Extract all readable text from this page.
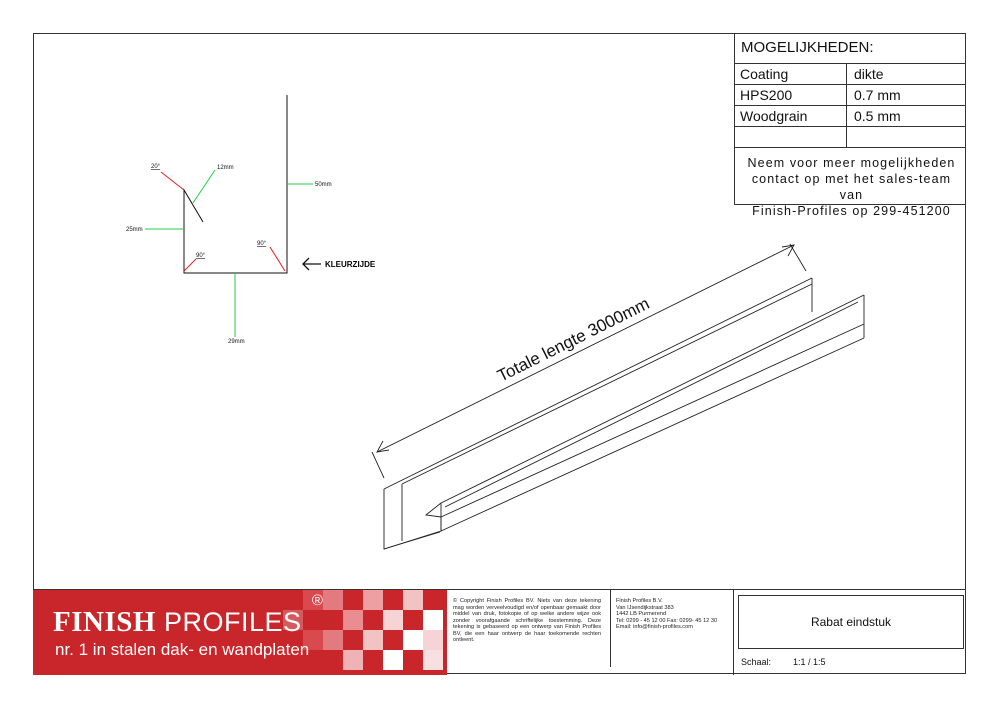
MOGELIJKHEDEN:
Coating	dikte
HPS200	0.7 mm
Woodgrain	0.5 mm
Neem voor meer mogelijkheden
contact op met het sales-team van
Finish-Profiles op 299-451200
20°	12mm
50mm
25mm
90°
90°
29mm
KLEURZIJDE
Totale lengte 3000mm
FINISH PROFILES
®
nr. 1 in stalen dak- en wandplaten
© Copyright Finish Profiles BV. Niets van deze tekening mag worden verveelvoudigd en/of openbaar gemaakt door middel van druk, fotokopie of op welke andere wijze ook zonder voorafgaande schriftelijke toestemming. Deze tekening is gebaseerd op een ontwerp van Finish Profiles BV, die een haar ontwerp de haar toekomende rechten ontleent.
Finish Profiles B.V.
Van IJsendijkstraat 383
1442 LB Purmerend
Tel: 0299 - 45 12 00 Fax: 0299- 45 12 30
Email: info@finish-profiles.com	Rabat eindstuk
Schaal: 1:1 / 1:5
